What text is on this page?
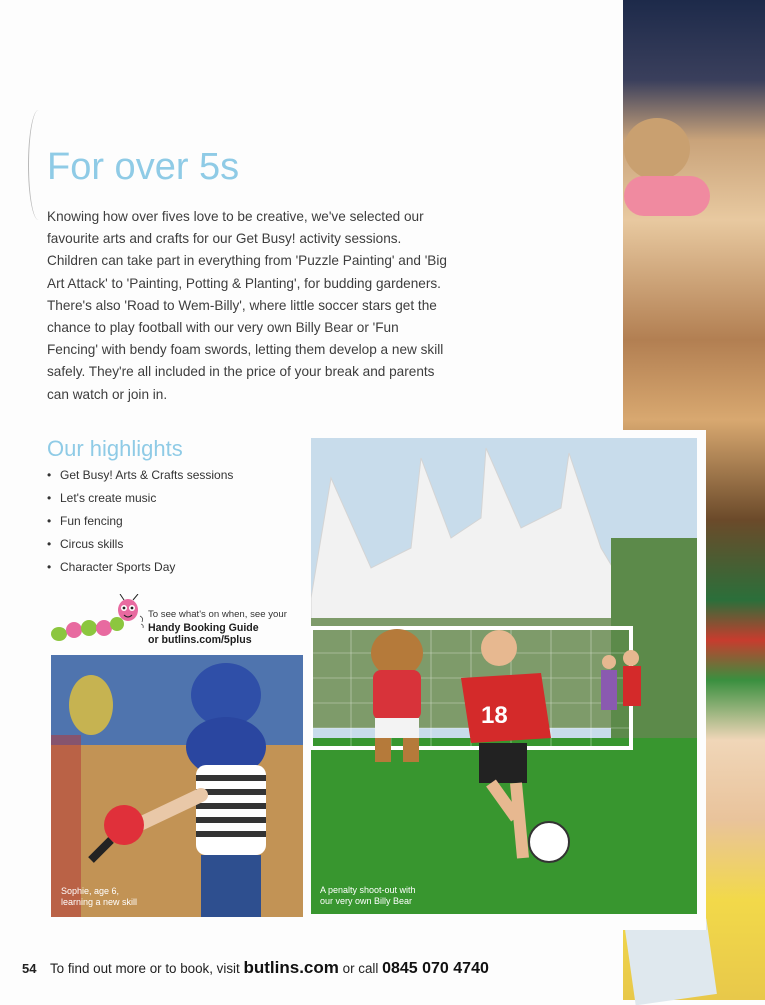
For over 5s

Knowing how over fives love to be creative, we've selected our favourite arts and crafts for our Get Busy! activity sessions. Children can take part in everything from 'Puzzle Painting' and 'Big Art Attack' to 'Painting, Potting & Planting', for budding gardeners. There's also 'Road to Wem-Billy', where little soccer stars get the chance to play football with our very own Billy Bear or 'Fun Fencing' with bendy foam swords, letting them develop a new skill safely. They're all included in the price of your break and parents can watch or join in.

Our highlights
• Get Busy! Arts & Crafts sessions
• Let's create music
• Fun fencing
• Circus skills
• Character Sports Day
To see what's on when, see your
Handy Booking Guide
or butlins.com/5plus
Sophie, age 6,
learning a new skill
18
A penalty shoot-out with
our very own Billy Bear
54 To find out more or to book, visit butlins.com or call 0845 070 4740
